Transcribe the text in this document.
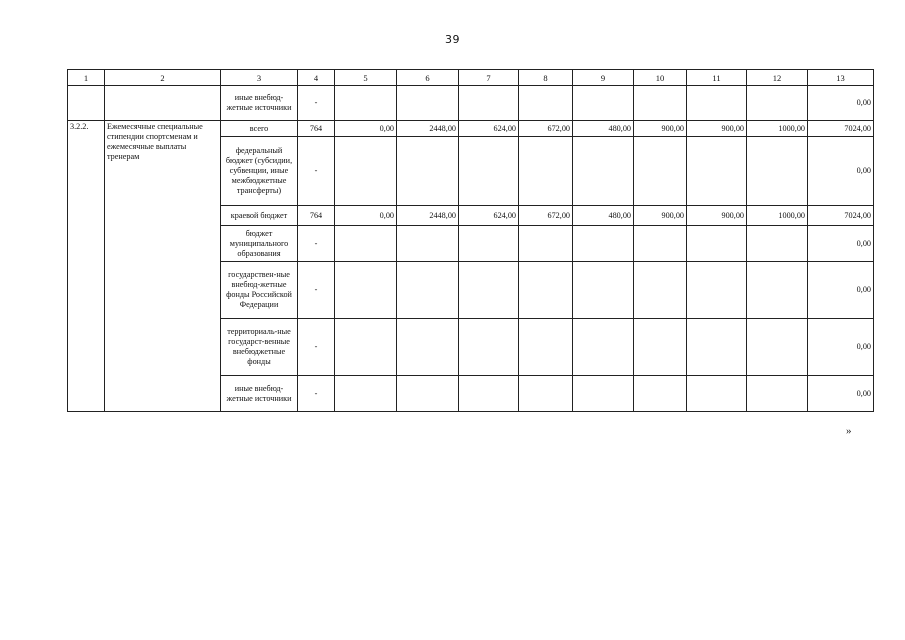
39
1	2	3	4	5	6	7	8	9	10	11	12	13
		иные внебюд-жетные источники	-									0,00
3.2.2.	Ежемесячные специальные стипендии спортсменам и ежемесячные выплаты тренерам	всего	764	0,00	2448,00	624,00	672,00	480,00	900,00	900,00	1000,00	7024,00
		федеральный бюджет (субсидии, субвенции, иные межбюджетные трансферты)	-									0,00
		краевой бюджет	764	0,00	2448,00	624,00	672,00	480,00	900,00	900,00	1000,00	7024,00
		бюджет муниципального образования	-									0,00
		государствен-ные внебюд-жетные фонды Российской Федерации	-									0,00
		территориаль-ные государст-венные внебюджетные фонды	-									0,00
		иные внебюд-жетные источники	-									0,00
»
